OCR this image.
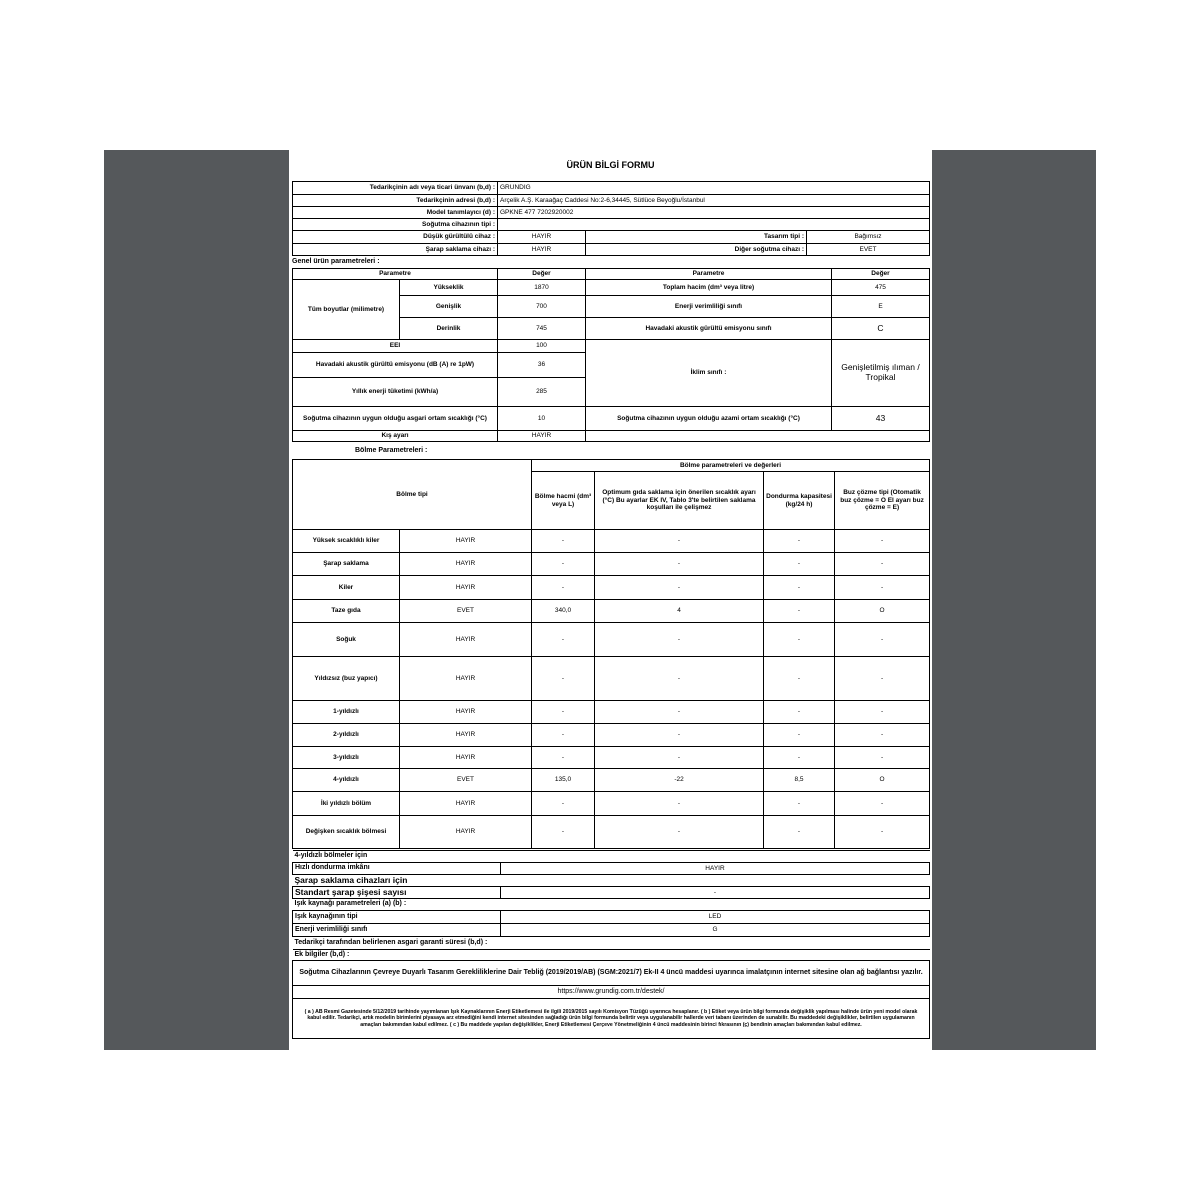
ÜRÜN BİLGİ FORMU
Tedarikçinin adı veya ticari ünvanı (b,d) :	GRUNDIG		
Tedarikçinin adresi (b,d) :	Arçelik A.Ş. Karaağaç Caddesi No:2-6,34445, Sütlüce Beyoğlu/İstanbul		
Model tanımlayıcı (d) :	GPKNE 477 7202920002		
Soğutma cihazının tipi :			
Düşük gürültülü cihaz :	HAYIR	Tasarım tipi :	Bağımsız
Şarap saklama cihazı :	HAYIR	Diğer soğutma cihazı :	EVET
Genel ürün parametreleri :
Parametre		Değer	Parametre	Değer
Tüm boyutlar (milimetre)	Yükseklik	1870	Toplam hacim (dm³ veya litre)	475
	Genişlik	700	Enerji verimliliği sınıfı	E
	Derinlik	745	Havadaki akustik gürültü emisyonu sınıfı	C
EEI		100	İklim sınıfı :	Genişletilmiş ılıman / Tropikal
Havadaki akustik gürültü emisyonu (dB (A) re 1pW)		36		
Yıllık enerji tüketimi (kWh/a)		285		
Soğutma cihazının uygun olduğu asgari ortam sıcaklığı (°C)		10	Soğutma cihazının uygun olduğu azami ortam sıcaklığı (°C)	43
Kış ayarı		HAYIR		
Bölme Parametreleri :
Bölme tipi		Bölme parametreleri ve değerleri			
		Bölme hacmi (dm³ veya L)	Optimum gıda saklama için önerilen sıcaklık ayarı (°C) Bu ayarlar EK IV, Tablo 3'te belirtilen saklama koşulları ile çelişmez	Dondurma kapasitesi (kg/24 h)	Buz çözme tipi (Otomatik buz çözme = O El ayarı buz çözme = E)
Yüksek sıcaklıklı kiler	HAYIR	-	-	-	-
Şarap saklama	HAYIR	-	-	-	-
Kiler	HAYIR	-	-	-	-
Taze gıda	EVET	340,0	4	-	O
Soğuk	HAYIR	-	-	-	-
Yıldızsız (buz yapıcı)	HAYIR	-	-	-	-
1-yıldızlı	HAYIR	-	-	-	-
2-yıldızlı	HAYIR	-	-	-	-
3-yıldızlı	HAYIR	-	-	-	-
4-yıldızlı	EVET	135,0	-22	8,5	O
İki yıldızlı bölüm	HAYIR	-	-	-	-
Değişken sıcaklık bölmesi	HAYIR	-	-	-	-
4-yıldızlı bölmeler için	
Hızlı dondurma imkânı	HAYIR
Şarap saklama cihazları için	
Standart şarap şişesi sayısı	-
Işık kaynağı parametreleri (a) (b) :	
Işık kaynağının tipi	LED
Enerji verimliliği sınıfı	G
Tedarikçi tarafından belirlenen asgari garanti süresi (b,d) :	
Ek bilgiler (b,d) :	
Soğutma Cihazlarının Çevreye Duyarlı Tasarım Gerekliliklerine Dair Tebliğ (2019/2019/AB) (SGM:2021/7) Ek-II 4 üncü maddesi uyarınca imalatçının internet sitesine olan ağ bağlantısı yazılır.	
https://www.grundig.com.tr/destek/	
( a ) AB Resmi Gazetesinde 5/12/2019 tarihinde yayımlanan Işık Kaynaklarının Enerji Etiketlemesi ile ilgili 2019/2015 sayılı Komisyon Tüzüğü uyarınca hesaplanır. ( b ) Etiket veya ürün bilgi formunda değişiklik yapılması halinde ürün yeni model olarak kabul edilir. Tedarikçi, artık modelin birimlerini piyasaya arz etmediğini kendi internet sitesinden sağladığı ürün bilgi formunda belirtir veya uygulanabilir hallerde veri tabanı üzerinden de sunabilir. Bu maddedeki değişiklikler, belirtilen uygulamanın amaçları bakımından kabul edilmez. ( c ) Bu maddede yapılan değişiklikler, Enerji Etiketlemesi Çerçeve Yönetmeliğinin 4 üncü maddesinin birinci fıkrasının (ç) bendinin amaçları bakımından kabul edilmez.	
